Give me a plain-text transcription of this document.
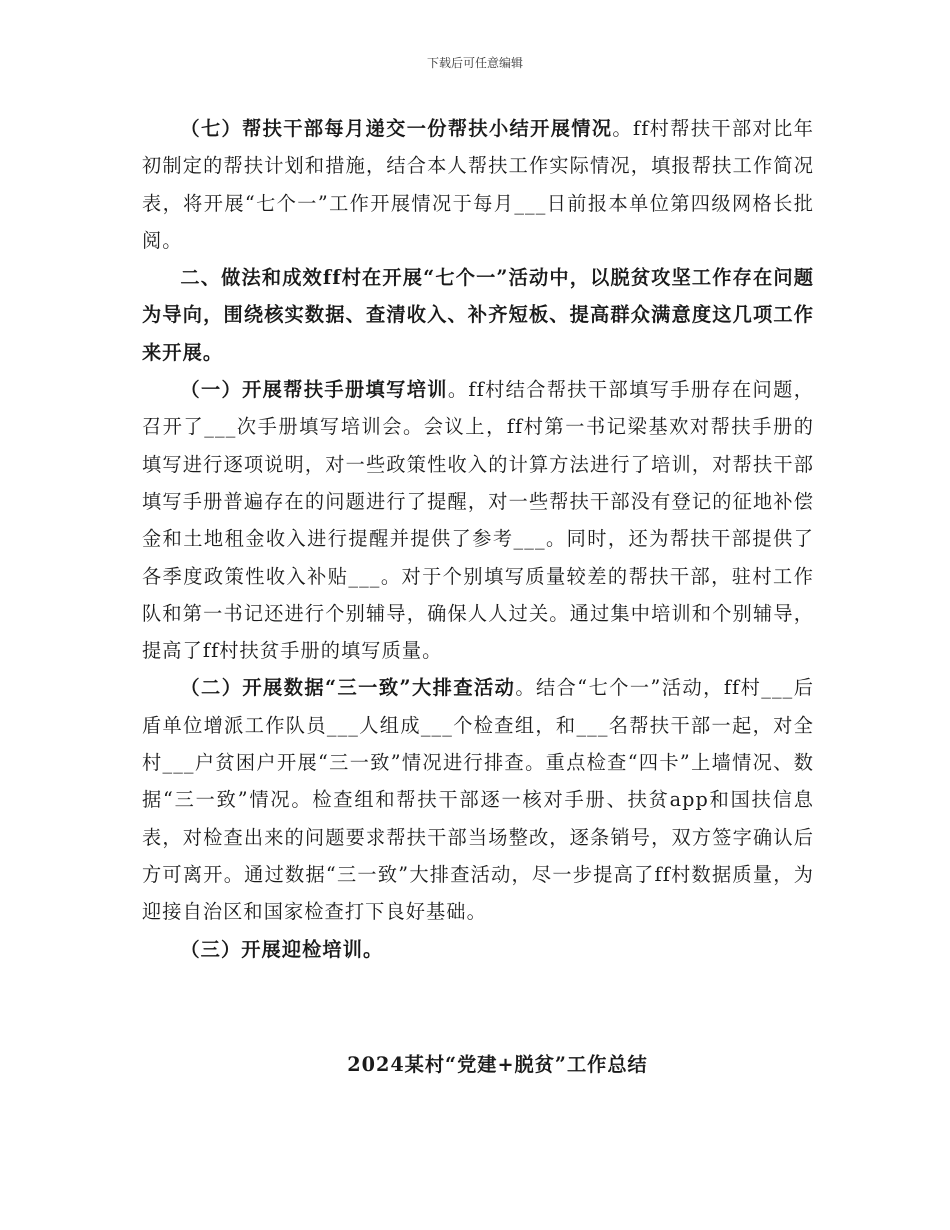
下载后可任意编辑

（七）帮扶干部每月递交一份帮扶小结开展情况。ff村帮扶干部对比年初制定的帮扶计划和措施，结合本人帮扶工作实际情况，填报帮扶工作简况表，将开展“七个一”工作开展情况于每月___日前报本单位第四级网格长批阅。

二、做法和成效ff村在开展“七个一”活动中，以脱贫攻坚工作存在问题为导向，围绕核实数据、查清收入、补齐短板、提高群众满意度这几项工作来开展。

（一）开展帮扶手册填写培训。ff村结合帮扶干部填写手册存在问题，召开了___次手册填写培训会。会议上，ff村第一书记梁基欢对帮扶手册的填写进行逐项说明，对一些政策性收入的计算方法进行了培训，对帮扶干部填写手册普遍存在的问题进行了提醒，对一些帮扶干部没有登记的征地补偿金和土地租金收入进行提醒并提供了参考___。同时，还为帮扶干部提供了各季度政策性收入补贴___。对于个别填写质量较差的帮扶干部，驻村工作队和第一书记还进行个别辅导，确保人人过关。通过集中培训和个别辅导，提高了ff村扶贫手册的填写质量。

（二）开展数据“三一致”大排查活动。结合“七个一”活动，ff村___后盾单位增派工作队员___人组成___个检查组，和___名帮扶干部一起，对全村___户贫困户开展“三一致”情况进行排查。重点检查“四卡”上墙情况、数据“三一致”情况。检查组和帮扶干部逐一核对手册、扶贫app和国扶信息表，对检查出来的问题要求帮扶干部当场整改，逐条销号，双方签字确认后方可离开。通过数据“三一致”大排查活动，尽一步提高了ff村数据质量，为迎接自治区和国家检查打下良好基础。

（三）开展迎检培训。

2024某村“党建+脱贫”工作总结
